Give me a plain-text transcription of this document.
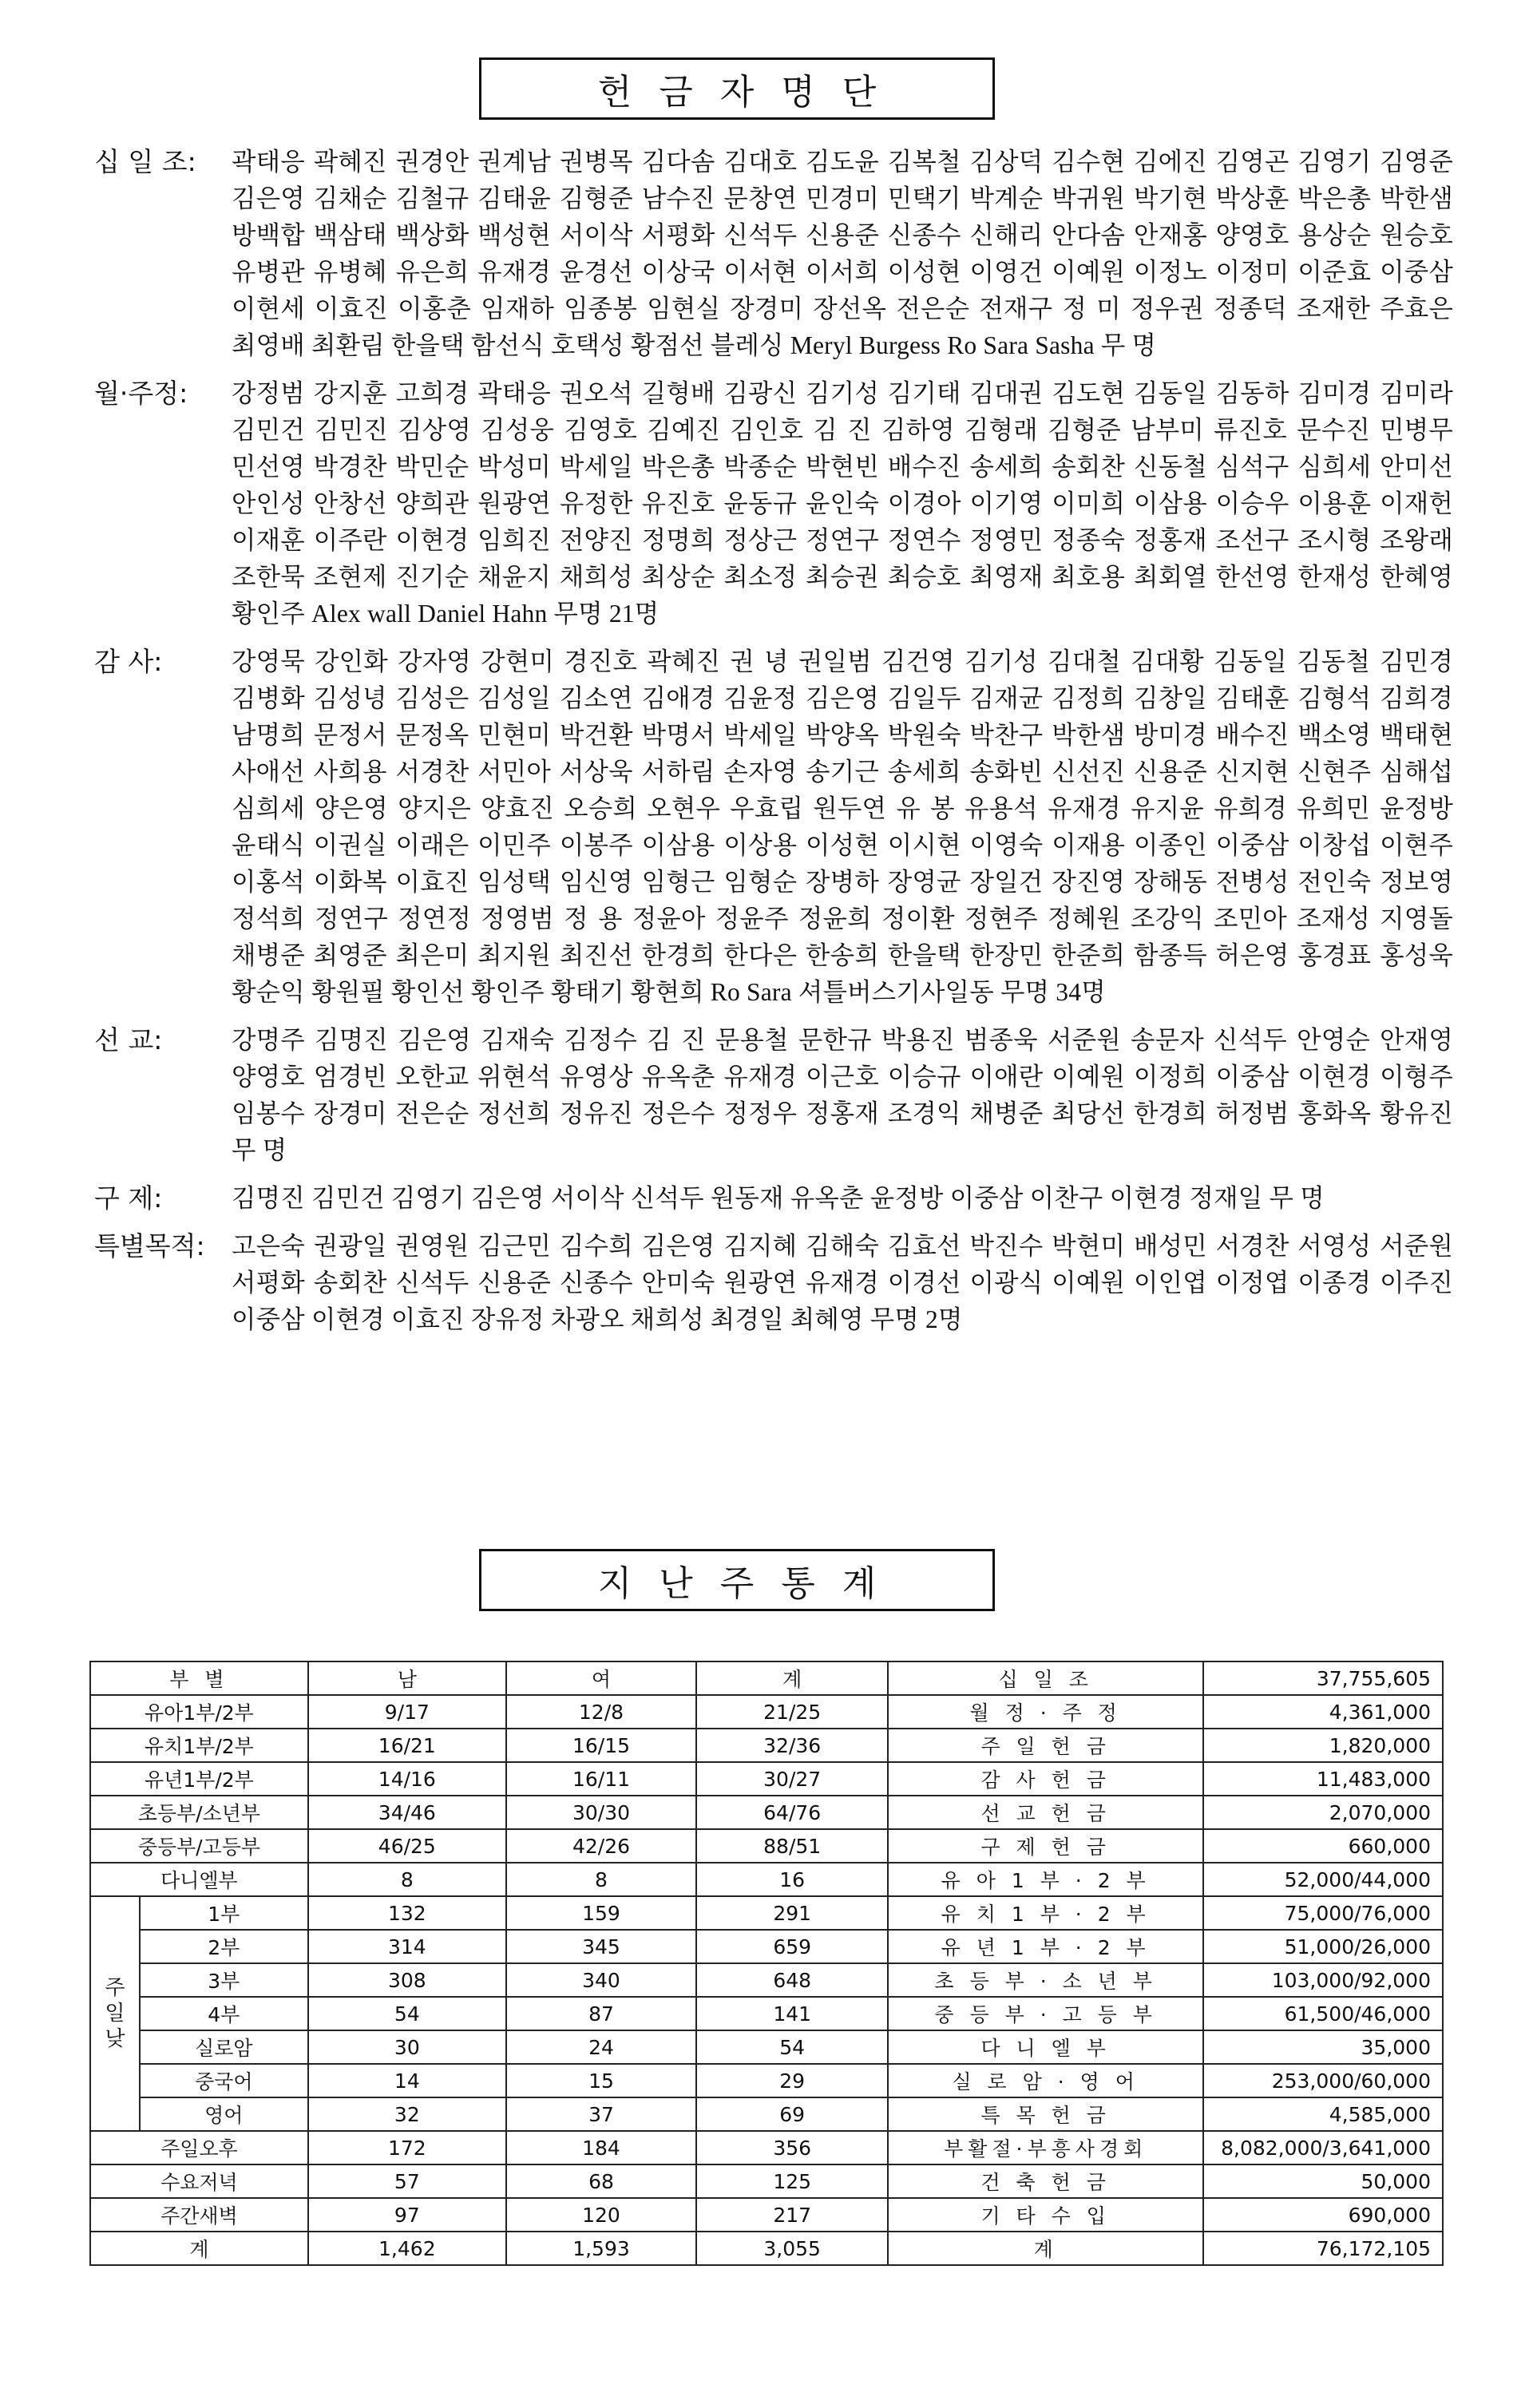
헌금자명단
십 일 조:	곽태응 곽혜진 권경안 권계남 권병목 김다솜 김대호 김도윤 김복철 김상덕 김수현 김에진 김영곤 김영기 김영준 김은영 김채순 김철규 김태윤 김형준 남수진 문창연 민경미 민택기 박계순 박귀원 박기현 박상훈 박은총 박한샘 방백합 백삼태 백상화 백성현 서이삭 서평화 신석두 신용준 신종수 신해리 안다솜 안재홍 양영호 용상순 원승호 유병관 유병혜 유은희 유재경 윤경선 이상국 이서현 이서희 이성현 이영건 이예원 이정노 이정미 이준효 이중삼 이현세 이효진 이홍춘 임재하 임종봉 임현실 장경미 장선옥 전은순 전재구 정 미 정우권 정종덕 조재한 주효은 최영배 최환림 한을택 함선식 호택성 황점선 블레싱 Meryl Burgess Ro Sara Sasha 무 명
월·주정:	강정범 강지훈 고희경 곽태응 권오석 길형배 김광신 김기성 김기태 김대권 김도현 김동일 김동하 김미경 김미라 김민건 김민진 김상영 김성웅 김영호 김예진 김인호 김 진 김하영 김형래 김형준 남부미 류진호 문수진 민병무 민선영 박경찬 박민순 박성미 박세일 박은총 박종순 박현빈 배수진 송세희 송회찬 신동철 심석구 심희세 안미선 안인성 안창선 양희관 원광연 유정한 유진호 윤동규 윤인숙 이경아 이기영 이미희 이삼용 이승우 이용훈 이재헌 이재훈 이주란 이현경 임희진 전양진 정명희 정상근 정연구 정연수 정영민 정종숙 정홍재 조선구 조시형 조왕래 조한묵 조현제 진기순 채윤지 채희성 최상순 최소정 최승권 최승호 최영재 최호용 최회열 한선영 한재성 한혜영 황인주 Alex wall Daniel Hahn 무명 21명
감 사:	강영묵 강인화 강자영 강현미 경진호 곽혜진 권 녕 권일범 김건영 김기성 김대철 김대황 김동일 김동철 김민경 김병화 김성녕 김성은 김성일 김소연 김애경 김윤정 김은영 김일두 김재균 김정희 김창일 김태훈 김형석 김희경 남명희 문정서 문정옥 민현미 박건환 박명서 박세일 박양옥 박원숙 박찬구 박한샘 방미경 배수진 백소영 백태현 사애선 사희용 서경찬 서민아 서상욱 서하림 손자영 송기근 송세희 송화빈 신선진 신용준 신지현 신현주 심해섭 심희세 양은영 양지은 양효진 오승희 오현우 우효립 원두연 유 봉 유용석 유재경 유지윤 유희경 유희민 윤정방 윤태식 이권실 이래은 이민주 이봉주 이삼용 이상용 이성현 이시현 이영숙 이재용 이종인 이중삼 이창섭 이현주 이홍석 이화복 이효진 임성택 임신영 임형근 임형순 장병하 장영균 장일건 장진영 장해동 전병성 전인숙 정보영 정석희 정연구 정연정 정영범 정 용 정윤아 정윤주 정윤희 정이환 정현주 정혜원 조강익 조민아 조재성 지영돌 채병준 최영준 최은미 최지원 최진선 한경희 한다은 한송희 한을택 한장민 한준희 함종득 허은영 홍경표 홍성욱 황순익 황원필 황인선 황인주 황태기 황현희 Ro Sara 셔틀버스기사일동 무명 34명
선 교:	강명주 김명진 김은영 김재숙 김정수 김 진 문용철 문한규 박용진 범종욱 서준원 송문자 신석두 안영순 안재영 양영호 엄경빈 오한교 위현석 유영상 유옥춘 유재경 이근호 이승규 이애란 이예원 이정희 이중삼 이현경 이형주 임봉수 장경미 전은순 정선희 정유진 정은수 정정우 정홍재 조경익 채병준 최당선 한경희 허정범 홍화옥 황유진 무 명
구 제:	김명진 김민건 김영기 김은영 서이삭 신석두 원동재 유옥춘 윤정방 이중삼 이찬구 이현경 정재일 무 명
특별목적:	고은숙 권광일 권영원 김근민 김수희 김은영 김지혜 김해숙 김효선 박진수 박현미 배성민 서경찬 서영성 서준원 서평화 송회찬 신석두 신용준 신종수 안미숙 원광연 유재경 이경선 이광식 이예원 이인엽 이정엽 이종경 이주진 이중삼 이현경 이효진 장유정 차광오 채희성 최경일 최혜영 무명 2명
지난주통계
부 별		남	여	계	십 일 조	37,755,605
유아1부/2부		9/17	12/8	21/25	월 정 · 주 정	4,361,000
유치1부/2부		16/21	16/15	32/36	주 일 헌 금	1,820,000
유년1부/2부		14/16	16/11	30/27	감 사 헌 금	11,483,000
초등부/소년부		34/46	30/30	64/76	선 교 헌 금	2,070,000
중등부/고등부		46/25	42/26	88/51	구 제 헌 금	660,000
다니엘부		8	8	16	유 아 1 부 · 2 부	52,000/44,000
주
일
낮	1부	132	159	291	유 치 1 부 · 2 부	75,000/76,000
	2부	314	345	659	유 년 1 부 · 2 부	51,000/26,000
	3부	308	340	648	초 등 부 · 소 년 부	103,000/92,000
	4부	54	87	141	중 등 부 · 고 등 부	61,500/46,000
	실로암	30	24	54	다 니 엘 부	35,000
	중국어	14	15	29	실 로 암 · 영 어	253,000/60,000
	영어	32	37	69	특 목 헌 금	4,585,000
주일오후		172	184	356	부활절·부흥사경회	8,082,000/3,641,000
수요저녁		57	68	125	건 축 헌 금	50,000
주간새벽		97	120	217	기 타 수 입	690,000
계		1,462	1,593	3,055	계	76,172,105
